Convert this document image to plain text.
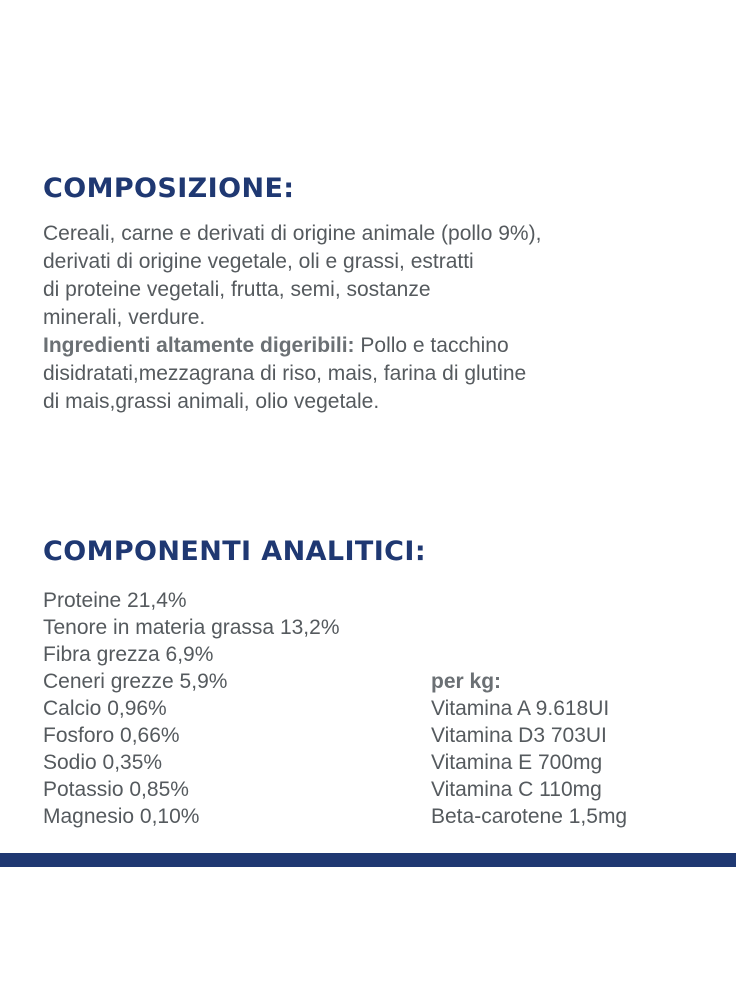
COMPOSIZIONE:
Cereali, carne e derivati di origine animale (pollo 9%),
derivati di origine vegetale, oli e grassi, estratti
di proteine vegetali, frutta, semi, sostanze
minerali, verdure.
Ingredienti altamente digeribili: Pollo e tacchino
disidratati,mezzagrana di riso, mais, farina di glutine
di mais,grassi animali, olio vegetale.
COMPONENTI ANALITICI:
Proteine 21,4%
Tenore in materia grassa 13,2%
Fibra grezza 6,9%
Ceneri grezze 5,9%
Calcio 0,96%
Fosforo 0,66%
Sodio 0,35%
Potassio 0,85%
Magnesio 0,10%
per kg:
Vitamina A 9.618UI
Vitamina D3 703UI
Vitamina E 700mg
Vitamina C 110mg
Beta-carotene 1,5mg
